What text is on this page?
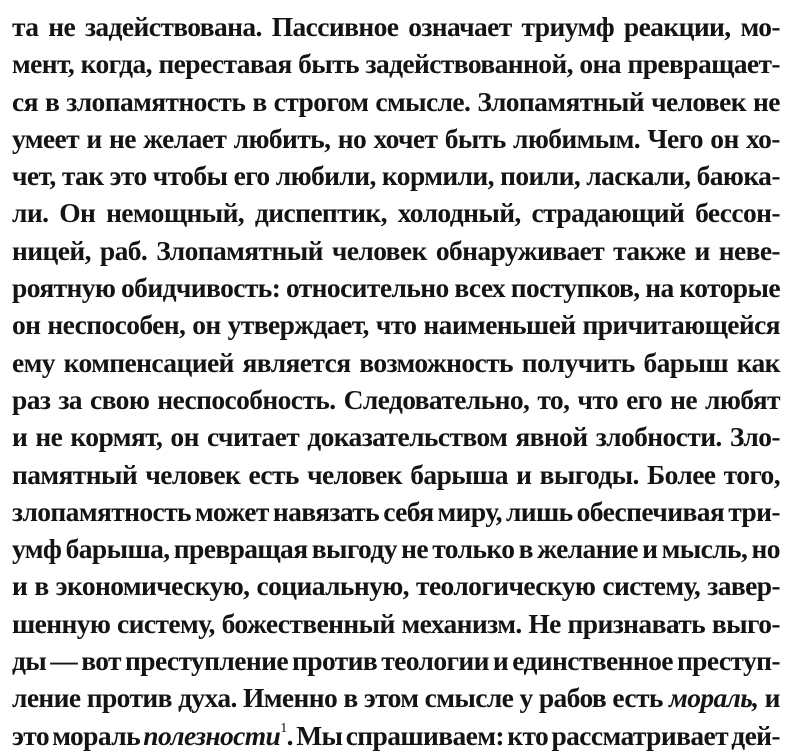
та не задействована. Пассивное означает триумф реакции, мо-
мент, когда, переставая быть задействованной, она превращает-
ся в злопамятность в строгом смысле. Злопамятный человек не
умеет и не желает любить, но хочет быть любимым. Чего он хо-
чет, так это чтобы его любили, кормили, поили, ласкали, баюка-
ли. Он немощный, диспептик, холодный, страдающий бессон-
ницей, раб. Злопамятный человек обнаруживает также и неве-
роятную обидчивость: относительно всех поступков, на которые
он неспособен, он утверждает, что наименьшей причитающейся
ему компенсацией является возможность получить барыш как
раз за свою неспособность. Следовательно, то, что его не любят
и не кормят, он считает доказательством явной злобности. Зло-
памятный человек есть человек барыша и выгоды. Более того,
злопамятность может навязать себя миру, лишь обеспечивая три-
умф барыша, превращая выгоду не только в желание и мысль, но
и в экономическую, социальную, теологическую систему, завер-
шенную систему, божественный механизм. Не признавать выго-
ды — вот преступление против теологии и единственное преступ-
ление против духа. Именно в этом смысле у рабов есть мораль, и
это мораль полезности$^1$. Мы спрашиваем: кто рассматривает дей-
